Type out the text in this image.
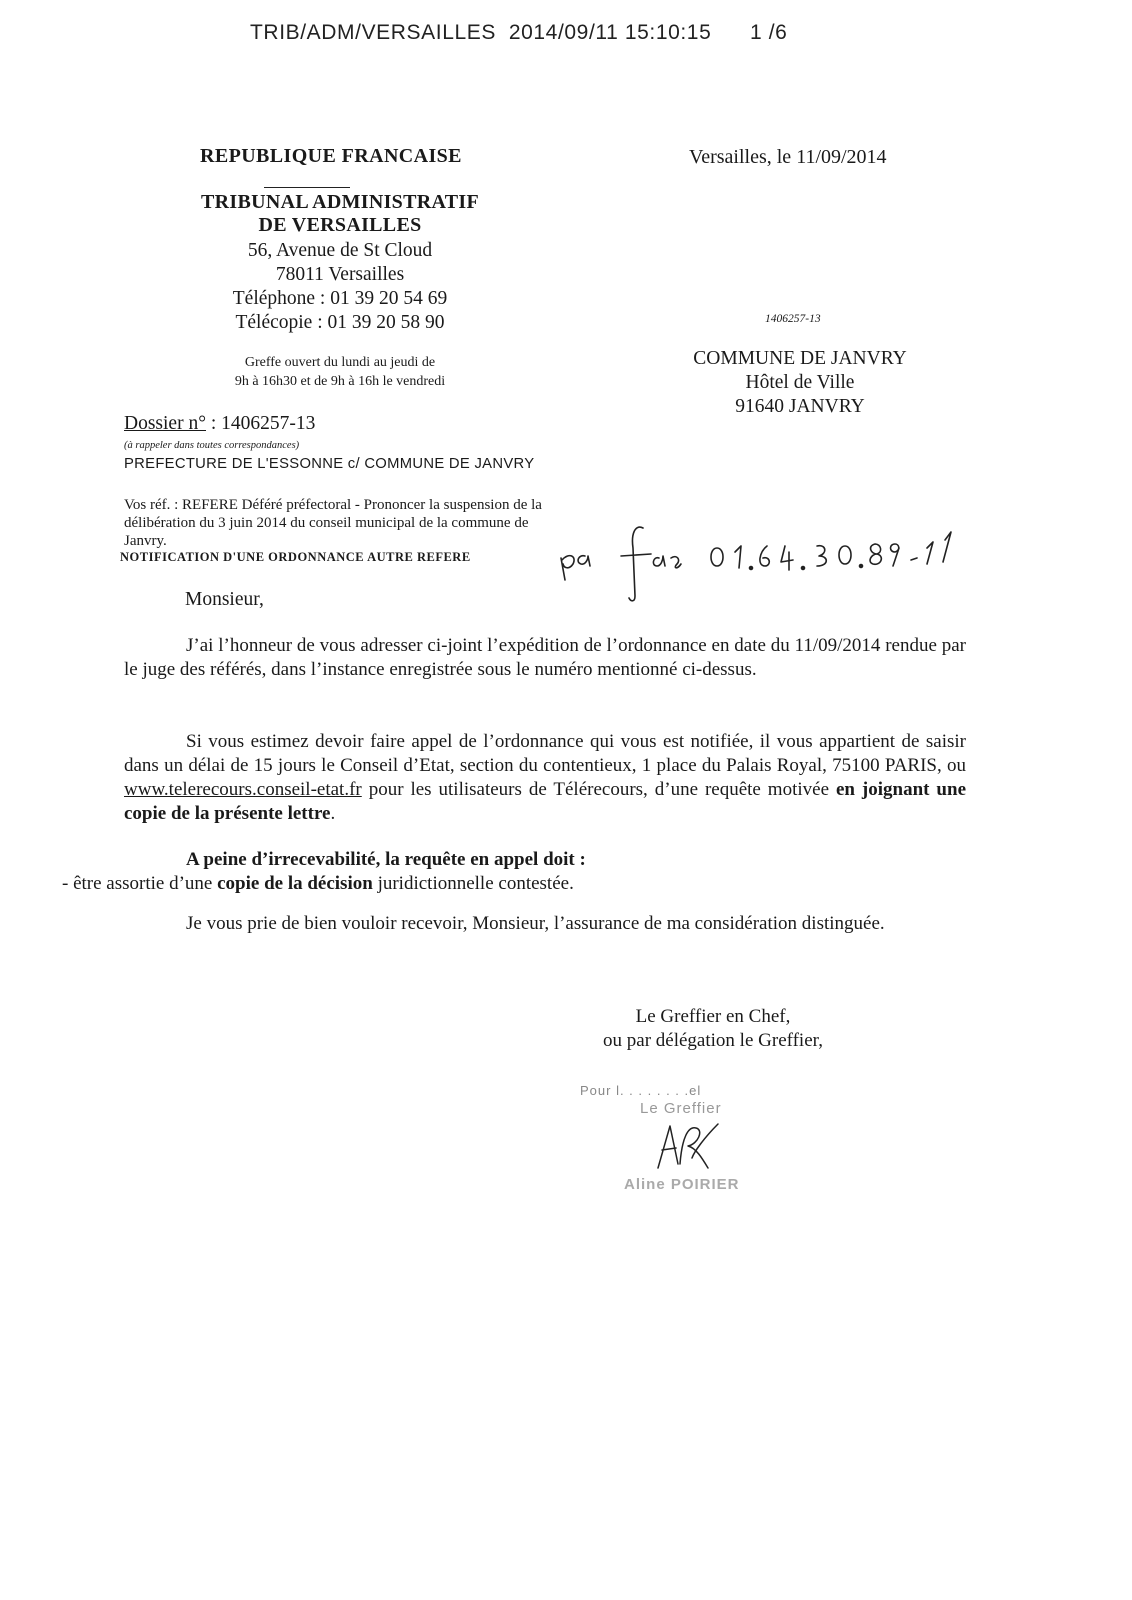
TRIB/ADM/VERSAILLES 2014/09/11 15:10:15 1 /6
REPUBLIQUE FRANCAISE	Versailles, le 11/09/2014
TRIBUNAL ADMINISTRATIF
DE VERSAILLES
56, Avenue de St Cloud
78011 Versailles
Téléphone : 01 39 20 54 69
Télécopie : 01 39 20 58 90	1406257-13
Greffe ouvert du lundi au jeudi de
9h à 16h30 et de 9h à 16h le vendredi
COMMUNE DE JANVRY
Hôtel de Ville
91640 JANVRY
Dossier n° : 1406257-13
(à rappeler dans toutes correspondances)
PREFECTURE DE L'ESSONNE c/ COMMUNE DE JANVRY
Vos réf. : REFERE Déféré préfectoral - Prononcer la suspension de la délibération du 3 juin 2014 du conseil municipal de la commune de Janvry.
NOTIFICATION D'UNE ORDONNANCE AUTRE REFERE
Monsieur,
J’ai l’honneur de vous adresser ci-joint l’expédition de l’ordonnance en date du 11/09/2014 rendue par le juge des référés, dans l’instance enregistrée sous le numéro mentionné ci-dessus.
Si vous estimez devoir faire appel de l’ordonnance qui vous est notifiée, il vous appartient de saisir dans un délai de 15 jours le Conseil d’Etat, section du contentieux, 1 place du Palais Royal, 75100 PARIS, ou www.telerecours.conseil-etat.fr pour les utilisateurs de Télérecours, d’une requête motivée en joignant une copie de la présente lettre.
A peine d’irrecevabilité, la requête en appel doit :
- être assortie d’une copie de la décision juridictionnelle contestée.
Je vous prie de bien vouloir recevoir, Monsieur, l’assurance de ma considération distinguée.
Le Greffier en Chef,
ou par délégation le Greffier,
Pour l. . . . . . . .el
Le Greffier
Aline POIRIER
